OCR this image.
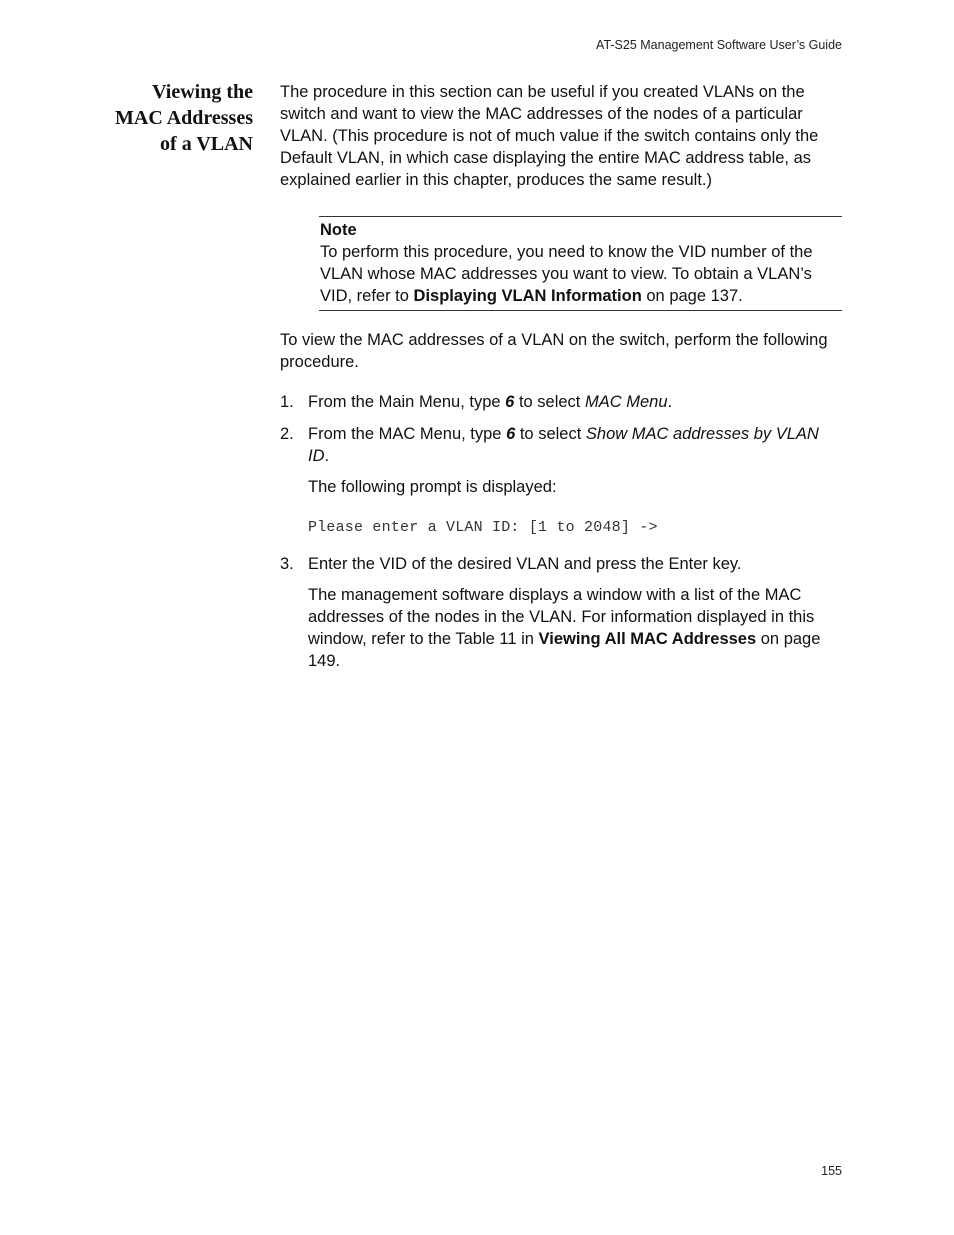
AT-S25 Management Software User’s Guide
Viewing the
MAC Addresses
of a VLAN

The procedure in this section can be useful if you created VLANs on the switch and want to view the MAC addresses of the nodes of a particular VLAN. (This procedure is not of much value if the switch contains only the Default VLAN, in which case displaying the entire MAC address table, as explained earlier in this chapter, produces the same result.)

Note
To perform this procedure, you need to know the VID number of the VLAN whose MAC addresses you want to view. To obtain a VLAN’s VID, refer to Displaying VLAN Information on page 137.

To view the MAC addresses of a VLAN on the switch, perform the following procedure.

1. From the Main Menu, type 6 to select MAC Menu.
2. From the MAC Menu, type 6 to select Show MAC addresses by VLAN ID.
The following prompt is displayed:
Please enter a VLAN ID: [1 to 2048] ->
3. Enter the VID of the desired VLAN and press the Enter key.
The management software displays a window with a list of the MAC addresses of the nodes in the VLAN. For information displayed in this window, refer to the Table 11 in Viewing All MAC Addresses on page 149.
155
